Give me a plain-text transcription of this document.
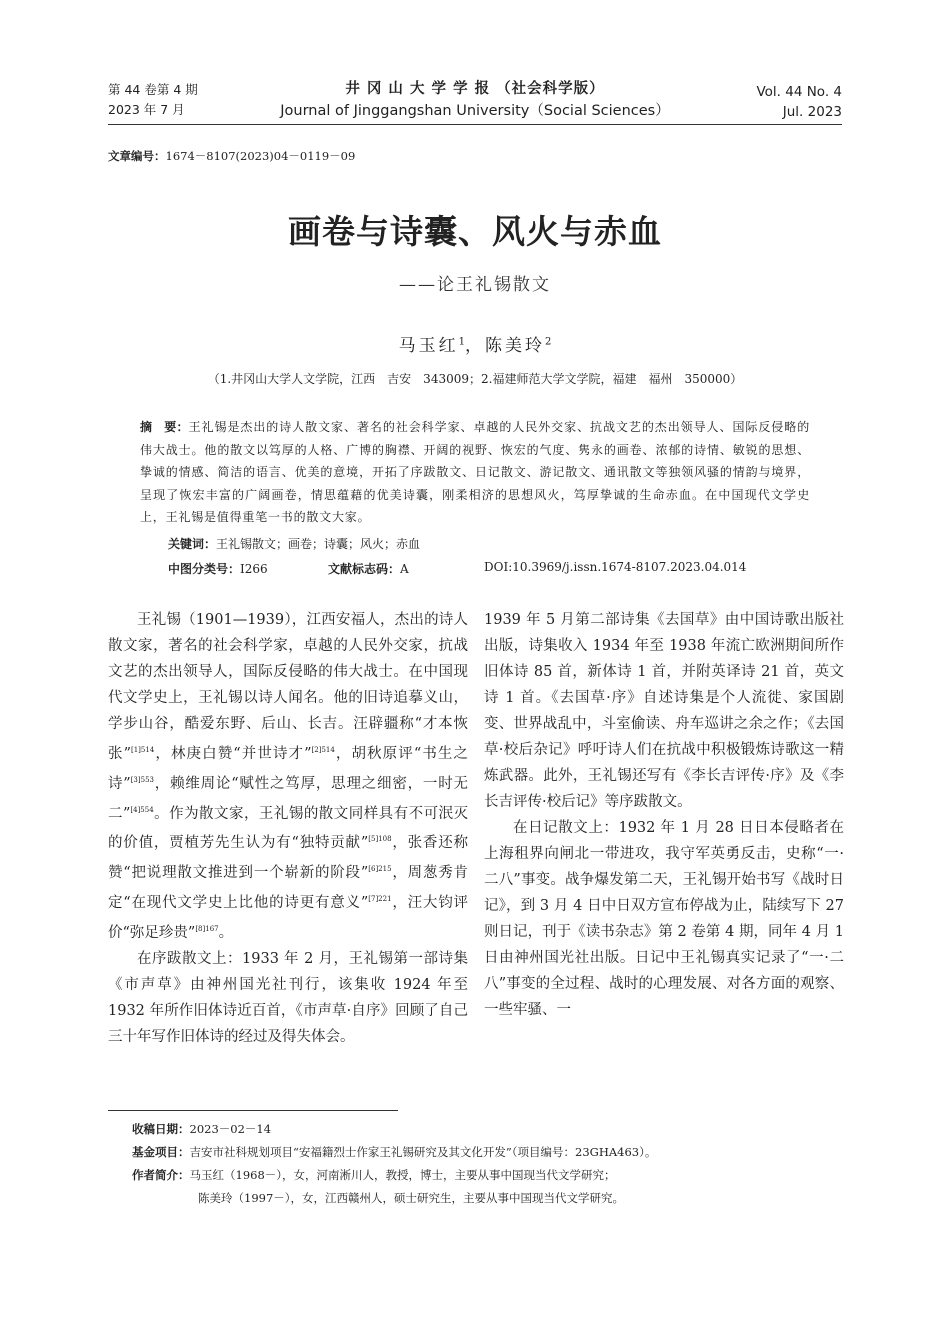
第 44 卷第 4 期
2023 年 7 月
井 冈 山 大 学 学 报 （社会科学版）
Journal of Jinggangshan University（Social Sciences）
Vol. 44 No. 4
Jul. 2023
文章编号：1674－8107(2023)04－0119－09
画卷与诗囊、风火与赤血
——论王礼锡散文
马玉红$^1$，陈美玲$^2$
（1.井冈山大学人文学院，江西　吉安　343009；2.福建师范大学文学院，福建　福州　350000）
摘　要：王礼锡是杰出的诗人散文家、著名的社会科学家、卓越的人民外交家、抗战文艺的杰出领导人、国际反侵略的伟大战士。他的散文以笃厚的人格、广博的胸襟、开阔的视野、恢宏的气度、隽永的画卷、浓郁的诗情、敏锐的思想、挚诚的情感、简洁的语言、优美的意境，开拓了序跋散文、日记散文、游记散文、通讯散文等独领风骚的情韵与境界，呈现了恢宏丰富的广阔画卷，情思蕴藉的优美诗囊，刚柔相济的思想风火，笃厚挚诚的生命赤血。在中国现代文学史上，王礼锡是值得重笔一书的散文大家。
关键词：王礼锡散文；画卷；诗囊；风火；赤血
中图分类号：I266	文献标志码：A	DOI:10.3969/j.issn.1674-8107.2023.04.014

王礼锡（1901—1939），江西安福人，杰出的诗人散文家，著名的社会科学家，卓越的人民外交家，抗战文艺的杰出领导人，国际反侵略的伟大战士。在中国现代文学史上，王礼锡以诗人闻名。他的旧诗追摹义山，学步山谷，酷爱东野、后山、长吉。汪辟疆称“才本恢张”$^{[1]514}$，林庚白赞“并世诗才”$^{[2]514}$，胡秋原评“书生之诗”$^{[3]553}$，赖维周论“赋性之笃厚，思理之细密，一时无二”$^{[4]554}$。作为散文家，王礼锡的散文同样具有不可泯灭的价值，贾植芳先生认为有“独特贡献”$^{[5]108}$，张香还称赞“把说理散文推进到一个崭新的阶段”$^{[6]215}$，周葱秀肯定“在现代文学史上比他的诗更有意义”$^{[7]221}$，汪大钧评价“弥足珍贵”$^{[8]167}$。

在序跋散文上：1933 年 2 月，王礼锡第一部诗集《市声草》由神州国光社刊行，该集收 1924 年至 1932 年所作旧体诗近百首，《市声草·自序》回顾了自己三十年写作旧体诗的经过及得失体会。

1939 年 5 月第二部诗集《去国草》由中国诗歌出版社出版，诗集收入 1934 年至 1938 年流亡欧洲期间所作旧体诗 85 首，新体诗 1 首，并附英译诗 21 首，英文诗 1 首。《去国草·序》自述诗集是个人流徙、家国剧变、世界战乱中，斗室偷读、舟车巡讲之余之作；《去国草·校后杂记》呼吁诗人们在抗战中积极锻炼诗歌这一精炼武器。此外，王礼锡还写有《李长吉评传·序》及《李长吉评传·校后记》等序跋散文。

在日记散文上：1932 年 1 月 28 日日本侵略者在上海租界向闸北一带进攻，我守军英勇反击，史称“一·二八”事变。战争爆发第二天，王礼锡开始书写《战时日记》，到 3 月 4 日中日双方宣布停战为止，陆续写下 27 则日记，刊于《读书杂志》第 2 卷第 4 期，同年 4 月 1 日由神州国光社出版。日记中王礼锡真实记录了“一·二八”事变的全过程、战时的心理发展、对各方面的观察、一些牢骚、一

收稿日期：2023－02－14
基金项目：吉安市社科规划项目“安福籍烈士作家王礼锡研究及其文化开发”（项目编号：23GHA463）。
作者简介：马玉红（1968－），女，河南淅川人，教授，博士，主要从事中国现当代文学研究；
陈美玲（1997－），女，江西赣州人，硕士研究生，主要从事中国现当代文学研究。
